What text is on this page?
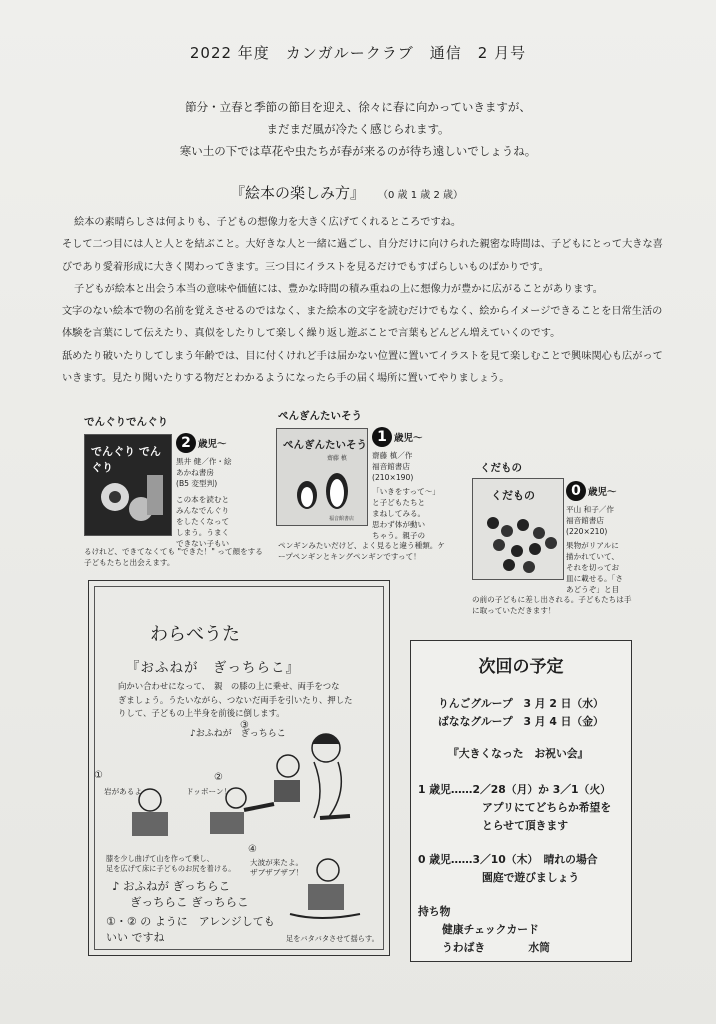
2022 年度　カンガルークラブ　通信　2 月号
節分・立春と季節の節目を迎え、徐々に春に向かっていきますが、
まだまだ風が冷たく感じられます。
寒い土の下では草花や虫たちが春が来るのが待ち遠しいでしょうね。
『絵本の楽しみ方』 （0 歳 1 歳 2 歳）

絵本の素晴らしさは何よりも、子どもの想像力を大きく広げてくれるところですね。

そして二つ目には人と人とを結ぶこと。大好きな人と一緒に過ごし、自分だけに向けられた親密な時間は、子どもにとって大きな喜びであり愛着形成に大きく関わってきます。三つ目にイラストを見るだけでもすばらしいものばかりです。

子どもが絵本と出会う本当の意味や価値には、豊かな時間の積み重ねの上に想像力が豊かに広がることがあります。

文字のない絵本で物の名前を覚えさせるのではなく、また絵本の文字を読むだけでもなく、絵からイメージできることを日常生活の体験を言葉にして伝えたり、真似をしたりして楽しく繰り返し遊ぶことで言葉もどんどん増えていくのです。

舐めたり破いたりしてしまう年齢では、目に付くけれど手は届かない位置に置いてイラストを見て楽しむことで興味関心も広がっていきます。見たり聞いたりする物だとわかるようになったら手の届く場所に置いてやりましょう。

でんぐりでんぐり
でんぐり でんぐり
2 歳児～
黒井 健／作・絵
あかね書房
(B5 変型判)
この本を読むと
みんなでんぐり
をしたくなって
しまう。うまく
できない子もい
るけれど、できてなくても "できた！" って顔をする子どもたちと出会えます。
ぺんぎんたいそう
ぺんぎんたいそう
齋藤 槙
福音館書店
1 歳児～
齋藤 槙／作
福音館書店
(210×190)
「いきをすって～」
と子どもたちと
まねしてみる。
思わず体が動い
ちゃう。親子の
ペンギンみたいだけど、よく見ると違う種類。ケープペンギンとキングペンギンですって！
くだもの
くだもの	0 歳児～
平山 和子／作
福音館書店
(220×210)
果物がリアルに
描かれていて、
それを切ってお
皿に載せる。「さ
あどうぞ」と目
の前の子どもに差し出される。子どもたちは手に取っていただきます！
わらべうた
『おふねが　ぎっちらこ』
向かい合わせになって、　親　の膝の上に乗せ、両手をつな
ぎましょう。うたいながら、つないだ両手を引いたり、押した
りして、子どもの上半身を前後に倒します。
♪おふねが　ぎっちらこ
①
岩があるよ
②
ドッボーン！
③
④
膝を少し曲げて山を作って乗し、
足を広げて床に子どものお尻を着ける。
大波が来たよ。
ザブザブザブ！
♪ おふねが ぎっちらこ
ぎっちらこ ぎっちらこ
①・② の ように　アレンジしても
いい ですね	足をバタバタさせて揺らす。
次回の予定
りんごグループ　3 月 2 日（水）
ばななグループ　3 月 4 日（金）
『大きくなった　お祝い会』
1 歳児……2／28（月）か 3／1（火）
アプリにてどちらか希望を
とらせて頂きます
0 歳児……3／10（木）　晴れの場合
園庭で遊びましょう
持ち物
健康チェックカード
うわばき　　　　水筒
